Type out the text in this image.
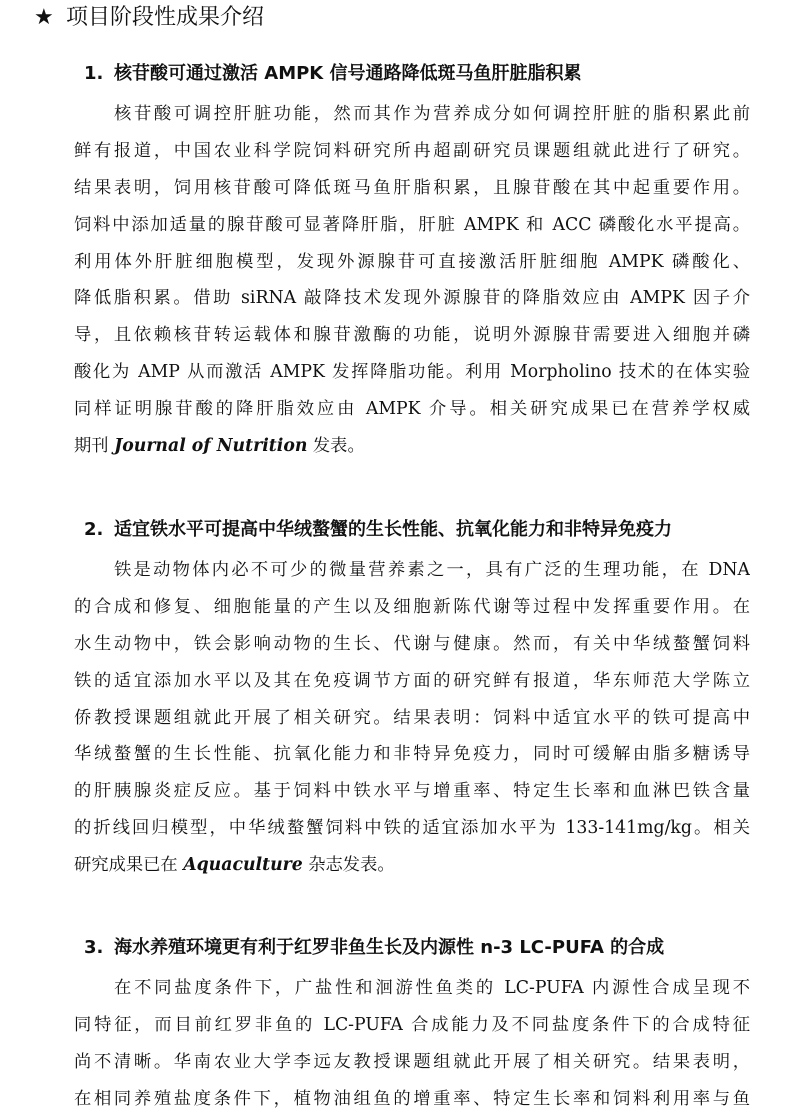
★ 项目阶段性成果介绍
1. 核苷酸可通过激活 AMPK 信号通路降低斑马鱼肝脏脂积累
核苷酸可调控肝脏功能，然而其作为营养成分如何调控肝脏的脂积累此前
鲜有报道，中国农业科学院饲料研究所冉超副研究员课题组就此进行了研究。
结果表明，饲用核苷酸可降低斑马鱼肝脂积累，且腺苷酸在其中起重要作用。
饲料中添加适量的腺苷酸可显著降肝脂，肝脏 AMPK 和 ACC 磷酸化水平提高。
利用体外肝脏细胞模型，发现外源腺苷可直接激活肝脏细胞 AMPK 磷酸化、
降低脂积累。借助 siRNA 敲降技术发现外源腺苷的降脂效应由 AMPK 因子介
导，且依赖核苷转运载体和腺苷激酶的功能，说明外源腺苷需要进入细胞并磷
酸化为 AMP 从而激活 AMPK 发挥降脂功能。利用 Morpholino 技术的在体实验
同样证明腺苷酸的降肝脂效应由 AMPK 介导。相关研究成果已在营养学权威
期刊 Journal of Nutrition 发表。
2. 适宜铁水平可提高中华绒螯蟹的生长性能、抗氧化能力和非特异免疫力
铁是动物体内必不可少的微量营养素之一，具有广泛的生理功能，在 DNA
的合成和修复、细胞能量的产生以及细胞新陈代谢等过程中发挥重要作用。在
水生动物中，铁会影响动物的生长、代谢与健康。然而，有关中华绒螯蟹饲料
铁的适宜添加水平以及其在免疫调节方面的研究鲜有报道，华东师范大学陈立
侨教授课题组就此开展了相关研究。结果表明：饲料中适宜水平的铁可提高中
华绒螯蟹的生长性能、抗氧化能力和非特异免疫力，同时可缓解由脂多糖诱导
的肝胰腺炎症反应。基于饲料中铁水平与增重率、特定生长率和血淋巴铁含量
的折线回归模型，中华绒螯蟹饲料中铁的适宜添加水平为 133-141mg/kg。相关
研究成果已在 Aquaculture 杂志发表。
3. 海水养殖环境更有利于红罗非鱼生长及内源性 n-3 LC-PUFA 的合成
在不同盐度条件下，广盐性和洄游性鱼类的 LC-PUFA 内源性合成呈现不
同特征，而目前红罗非鱼的 LC-PUFA 合成能力及不同盐度条件下的合成特征
尚不清晰。华南农业大学李远友教授课题组就此开展了相关研究。结果表明，
在相同养殖盐度条件下，植物油组鱼的增重率、特定生长率和饲料利用率与鱼
